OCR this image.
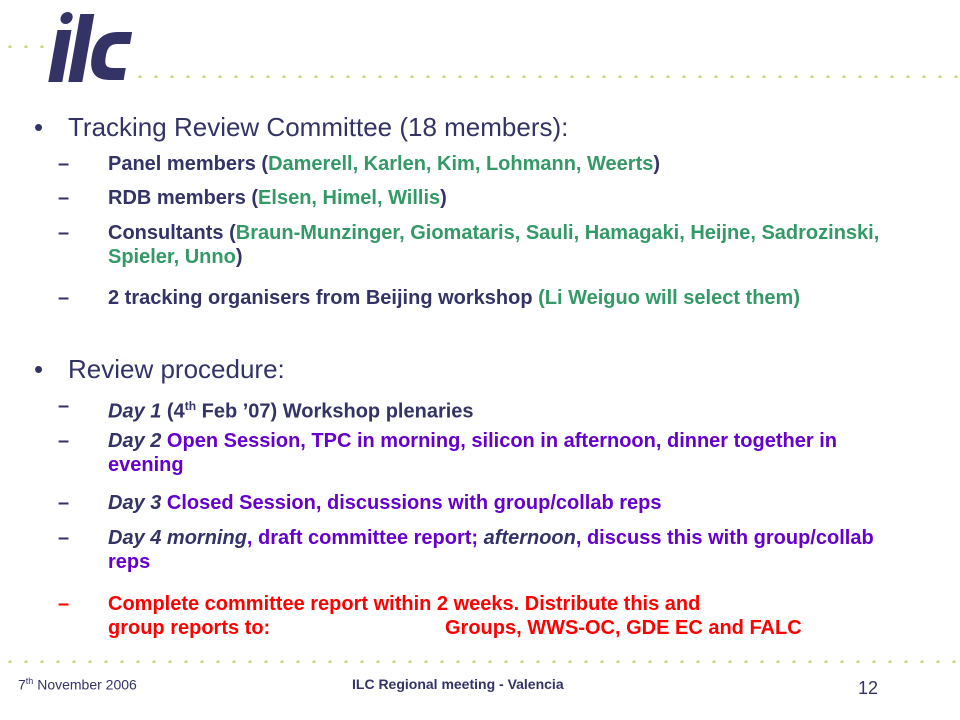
• Tracking Review Committee (18 members):
–	Panel members (Damerell, Karlen, Kim, Lohmann, Weerts)
–	RDB members (Elsen, Himel, Willis)
–	Consultants (Braun-Munzinger, Giomataris, Sauli, Hamagaki, Heijne, Sadrozinski, Spieler, Unno)
–	2 tracking organisers from Beijing workshop (Li Weiguo will select them)
• Review procedure:
–	Day 1 (4th Feb ’07) Workshop plenaries
–	Day 2 Open Session, TPC in morning, silicon in afternoon, dinner together in evening
–	Day 3 Closed Session, discussions with group/collab reps
–	Day 4 morning, draft committee report; afternoon, discuss this with group/collab reps
–	Complete committee report within 2 weeks. Distribute this and
group reports to:	Groups, WWS-OC, GDE EC and FALC
7th November 2006	ILC Regional meeting - Valencia	12
